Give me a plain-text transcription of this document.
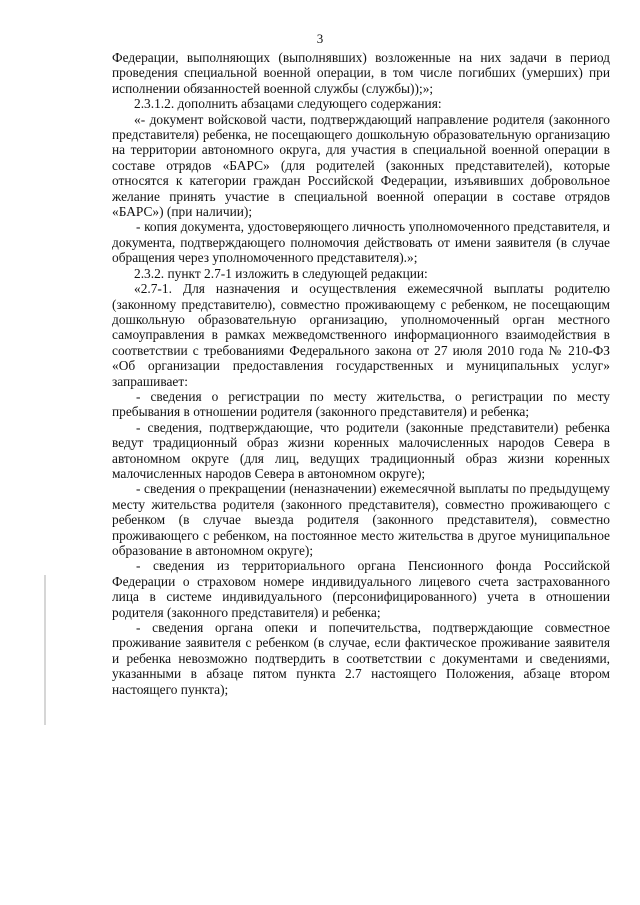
3

Федерации, выполняющих (выполнявших) возложенные на них задачи в период проведения специальной военной операции, в том числе погибших (умерших) при исполнении обязанностей военной службы (службы));»;

2.3.1.2. дополнить абзацами следующего содержания:

«- документ войсковой части, подтверждающий направление родителя (законного представителя) ребенка, не посещающего дошкольную образовательную организацию на территории автономного округа, для участия в специальной военной операции в составе отрядов «БАРС» (для родителей (законных представителей), которые относятся к категории граждан Российской Федерации, изъявивших добровольное желание принять участие в специальной военной операции в составе отрядов «БАРС») (при наличии);

- копия документа, удостоверяющего личность уполномоченного представителя, и документа, подтверждающего полномочия действовать от имени заявителя (в случае обращения через уполномоченного представителя).»;

2.3.2. пункт 2.7-1 изложить в следующей редакции:

«2.7-1. Для назначения и осуществления ежемесячной выплаты родителю (законному представителю), совместно проживающему с ребенком, не посещающим дошкольную образовательную организацию, уполномоченный орган местного самоуправления в рамках межведомственного информационного взаимодействия в соответствии с требованиями Федерального закона от 27 июля 2010 года № 210-ФЗ «Об организации предоставления государственных и муниципальных услуг» запрашивает:

- сведения о регистрации по месту жительства, о регистрации по месту пребывания в отношении родителя (законного представителя) и ребенка;

- сведения, подтверждающие, что родители (законные представители) ребенка ведут традиционный образ жизни коренных малочисленных народов Севера в автономном округе (для лиц, ведущих традиционный образ жизни коренных малочисленных народов Севера в автономном округе);

- сведения о прекращении (неназначении) ежемесячной выплаты по предыдущему месту жительства родителя (законного представителя), совместно проживающего с ребенком (в случае выезда родителя (законного представителя), совместно проживающего с ребенком, на постоянное место жительства в другое муниципальное образование в автономном округе);

- сведения из территориального органа Пенсионного фонда Российской Федерации о страховом номере индивидуального лицевого счета застрахованного лица в системе индивидуального (персонифицированного) учета в отношении родителя (законного представителя) и ребенка;

- сведения органа опеки и попечительства, подтверждающие совместное проживание заявителя с ребенком (в случае, если фактическое проживание заявителя и ребенка невозможно подтвердить в соответствии с документами и сведениями, указанными в абзаце пятом пункта 2.7 настоящего Положения, абзаце втором настоящего пункта);
